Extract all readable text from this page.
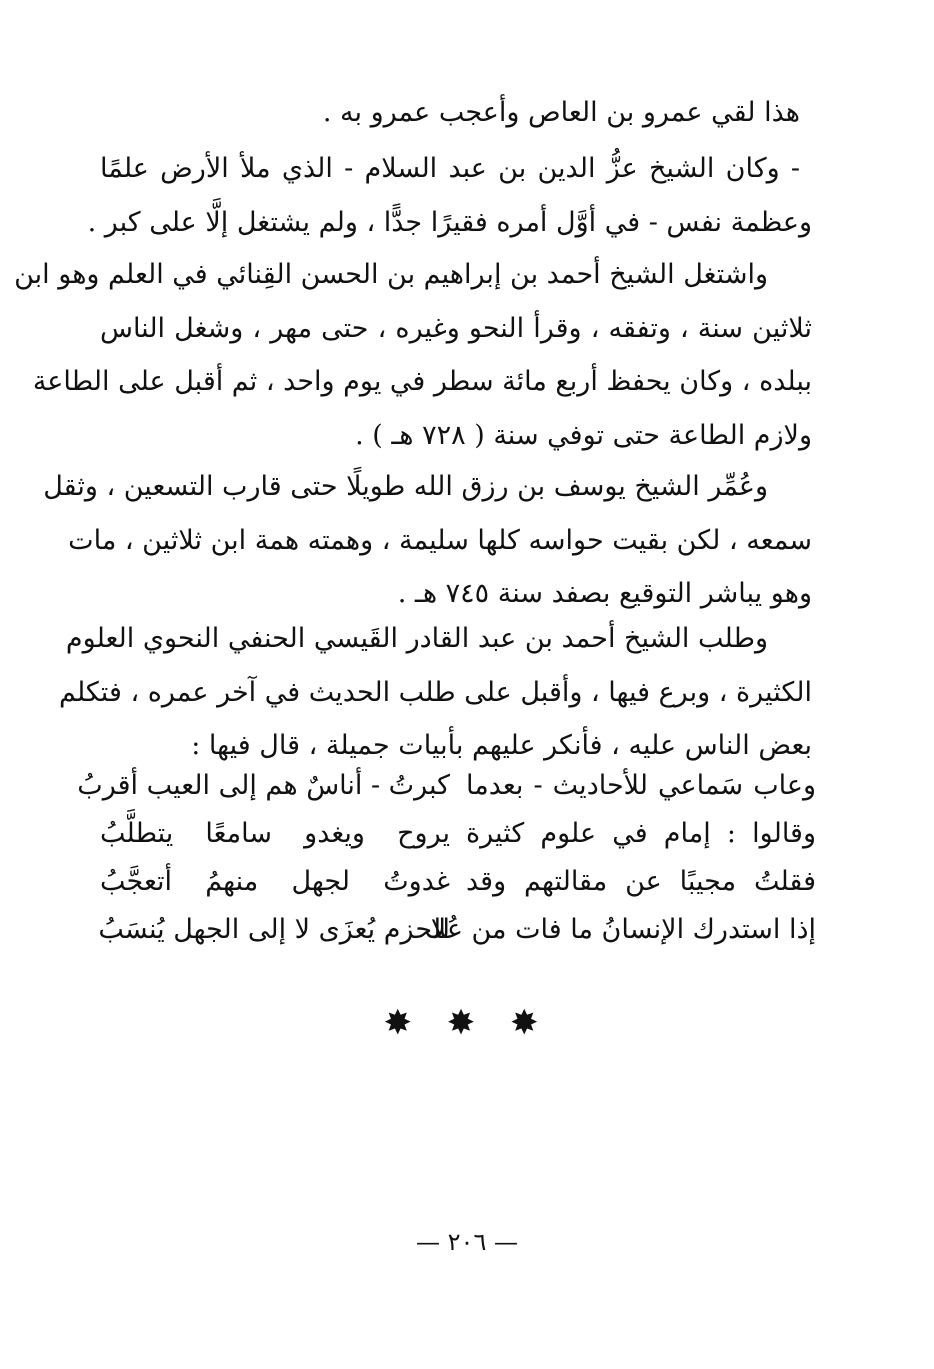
هذا لقي عمرو بن العاص وأعجب عمرو به .
- وكان الشيخ عزُّ الدين بن عبد السلام - الذي ملأ الأرض علمًا
وعظمة نفس - في أوَّل أمره فقيرًا جدًّا ، ولم يشتغل إلَّا على كبر .
واشتغل الشيخ أحمد بن إبراهيم بن الحسن القِنائي في العلم وهو ابن
ثلاثين سنة ، وتفقه ، وقرأ النحو وغيره ، حتى مهر ، وشغل الناس
ببلده ، وكان يحفظ أربع مائة سطر في يوم واحد ، ثم أقبل على الطاعة
ولازم الطاعة حتى توفي سنة ( ٧٢٨ هـ ) .
وعُمِّر الشيخ يوسف بن رزق الله طويلًا حتى قارب التسعين ، وثقل
سمعه ، لكن بقيت حواسه كلها سليمة ، وهمته همة ابن ثلاثين ، مات
وهو يباشر التوقيع بصفد سنة ٧٤٥ هـ .
وطلب الشيخ أحمد بن عبد القادر القَيسي الحنفي النحوي العلوم
الكثيرة ، وبرع فيها ، وأقبل على طلب الحديث في آخر عمره ، فتكلم
بعض الناس عليه ، فأنكر عليهم بأبيات جميلة ، قال فيها :
وعاب سَماعي للأحاديث - بعدما
كبرتُ - أناسٌ هم إلى العيب أقربُ
وقالوا : إمام في علوم كثيرة
يروح ويغدو سامعًا يتطلَّبُ
فقلتُ مجيبًا عن مقالتهم وقد
غدوتُ لجهل منهمُ أتعجَّبُ
إذا استدرك الإنسانُ ما فات من عُلا
للحزم يُعزَى لا إلى الجهل يُنسَبُ
✸ ✸ ✸
— ٢٠٦ —
